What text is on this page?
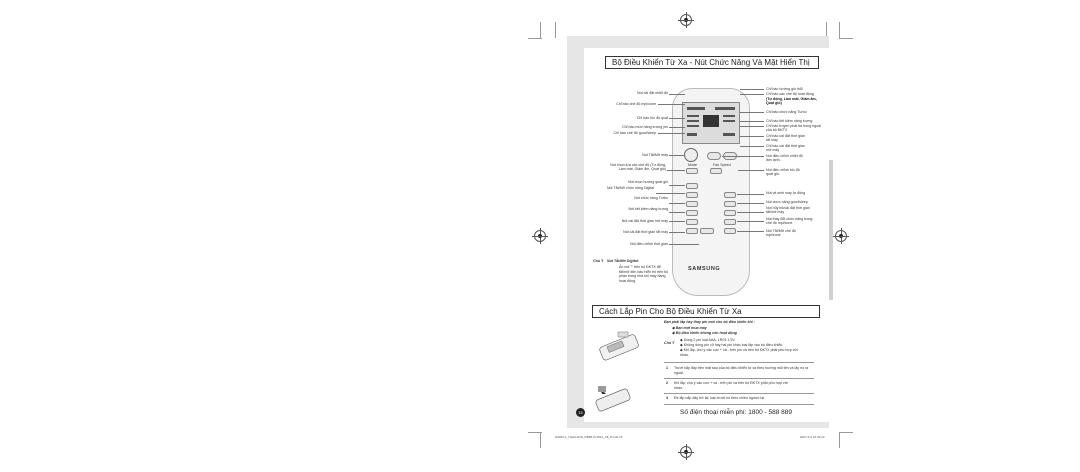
Bộ Điều Khiển Từ Xa - Nút Chức Năng Và Mặt Hiển Thị
Mode	Fan Speed
SAMSUNG
Nút cài đặt nhiệt độ
Chỉ báo chế độ mpi/zone
Chỉ báo tốc độ quạt
Chỉ báo mức năng lượng pin
Chỉ báo chế độ good'sleep
Nút Tắt/Mở máy
Nút chọn lựa các chế độ (Tự động, Làm mát, Giảm ẩm, Quạt gió)
Nút chọn hướng quạt gió
Nút Tắt/Mở chức năng Digital
Nút chức năng Turbo
Nút tiết kiệm năng lượng
Nút cài đặt thời gian mở máy
Nút cài đặt thời gian tắt máy
Nút điều chỉnh thời gian
Chỉ báo hướng gió thổi
Chỉ báo các chế độ hoạt động
(Tự động, Làm mát, Giảm ẩm, Quạt gió)
Chỉ báo chức năng Turbo
Chỉ báo tiết kiệm năng lượng
Chỉ báo truyền phát tia hồng ngoại của bộ ĐKTX
Chỉ báo cài đặt thời gian tắt máy
Chỉ báo cài đặt thời gian mở máy
Nút điều chỉnh nhiệt độ làm lạnh.
Nút điều chỉnh tốc độ quạt gió.
Nút vệ sinh máy tự động
Nút chức năng good'sleep
Nút hủy bỏ/cài đặt thời gian tắt/mở máy
Nút thay đổi chức năng trong chế độ mpi/zone
Nút Tắt/Mở chế độ mpi/zone
Chú Ý Nút Tắt/Mở Digital:
Ấn nút "" trên bộ ĐKTX để tắt/mở đèn báo hiển thị trên bộ phận trong nhà khi máy đang hoạt động.
Cách Lắp Pin Cho Bộ Điều Khiển Từ Xa
Bạn phải lắp hay thay pin mới cho bộ điều khiển khi :
◆ Bạn mới mua máy
◆ Bộ điều khiển không còn hoạt động
Chú Ý
◆ Dùng 2 pin loại AAA, LR03 1.5V.
◆ Không dùng pin cũ hay hai pin khác loại lắp vào bộ điều khiển.
◆ Khi lắp, chú ý các cực + và - trên pin và trên bộ ĐKTX phải phù hợp với nhau.
1 Trượt nắp đậy trên mặt sau của bộ điều khiển từ xa theo hướng mũi tên và lấy nó ra ngoài.
2 Khi lắp, chú ý các cực + và - trên pin và trên bộ ĐKTX phải phù hợp với nhau.
3 Đề lắp nắp đậy trở lại, bạn trượt nó theo chiều ngược lại.
15	Số điện thoại miễn phí: 1800 - 588 889
WWACL_THAILAND_DB98-07181A_05_8.indd 15	2007-5-9 16:46:22
